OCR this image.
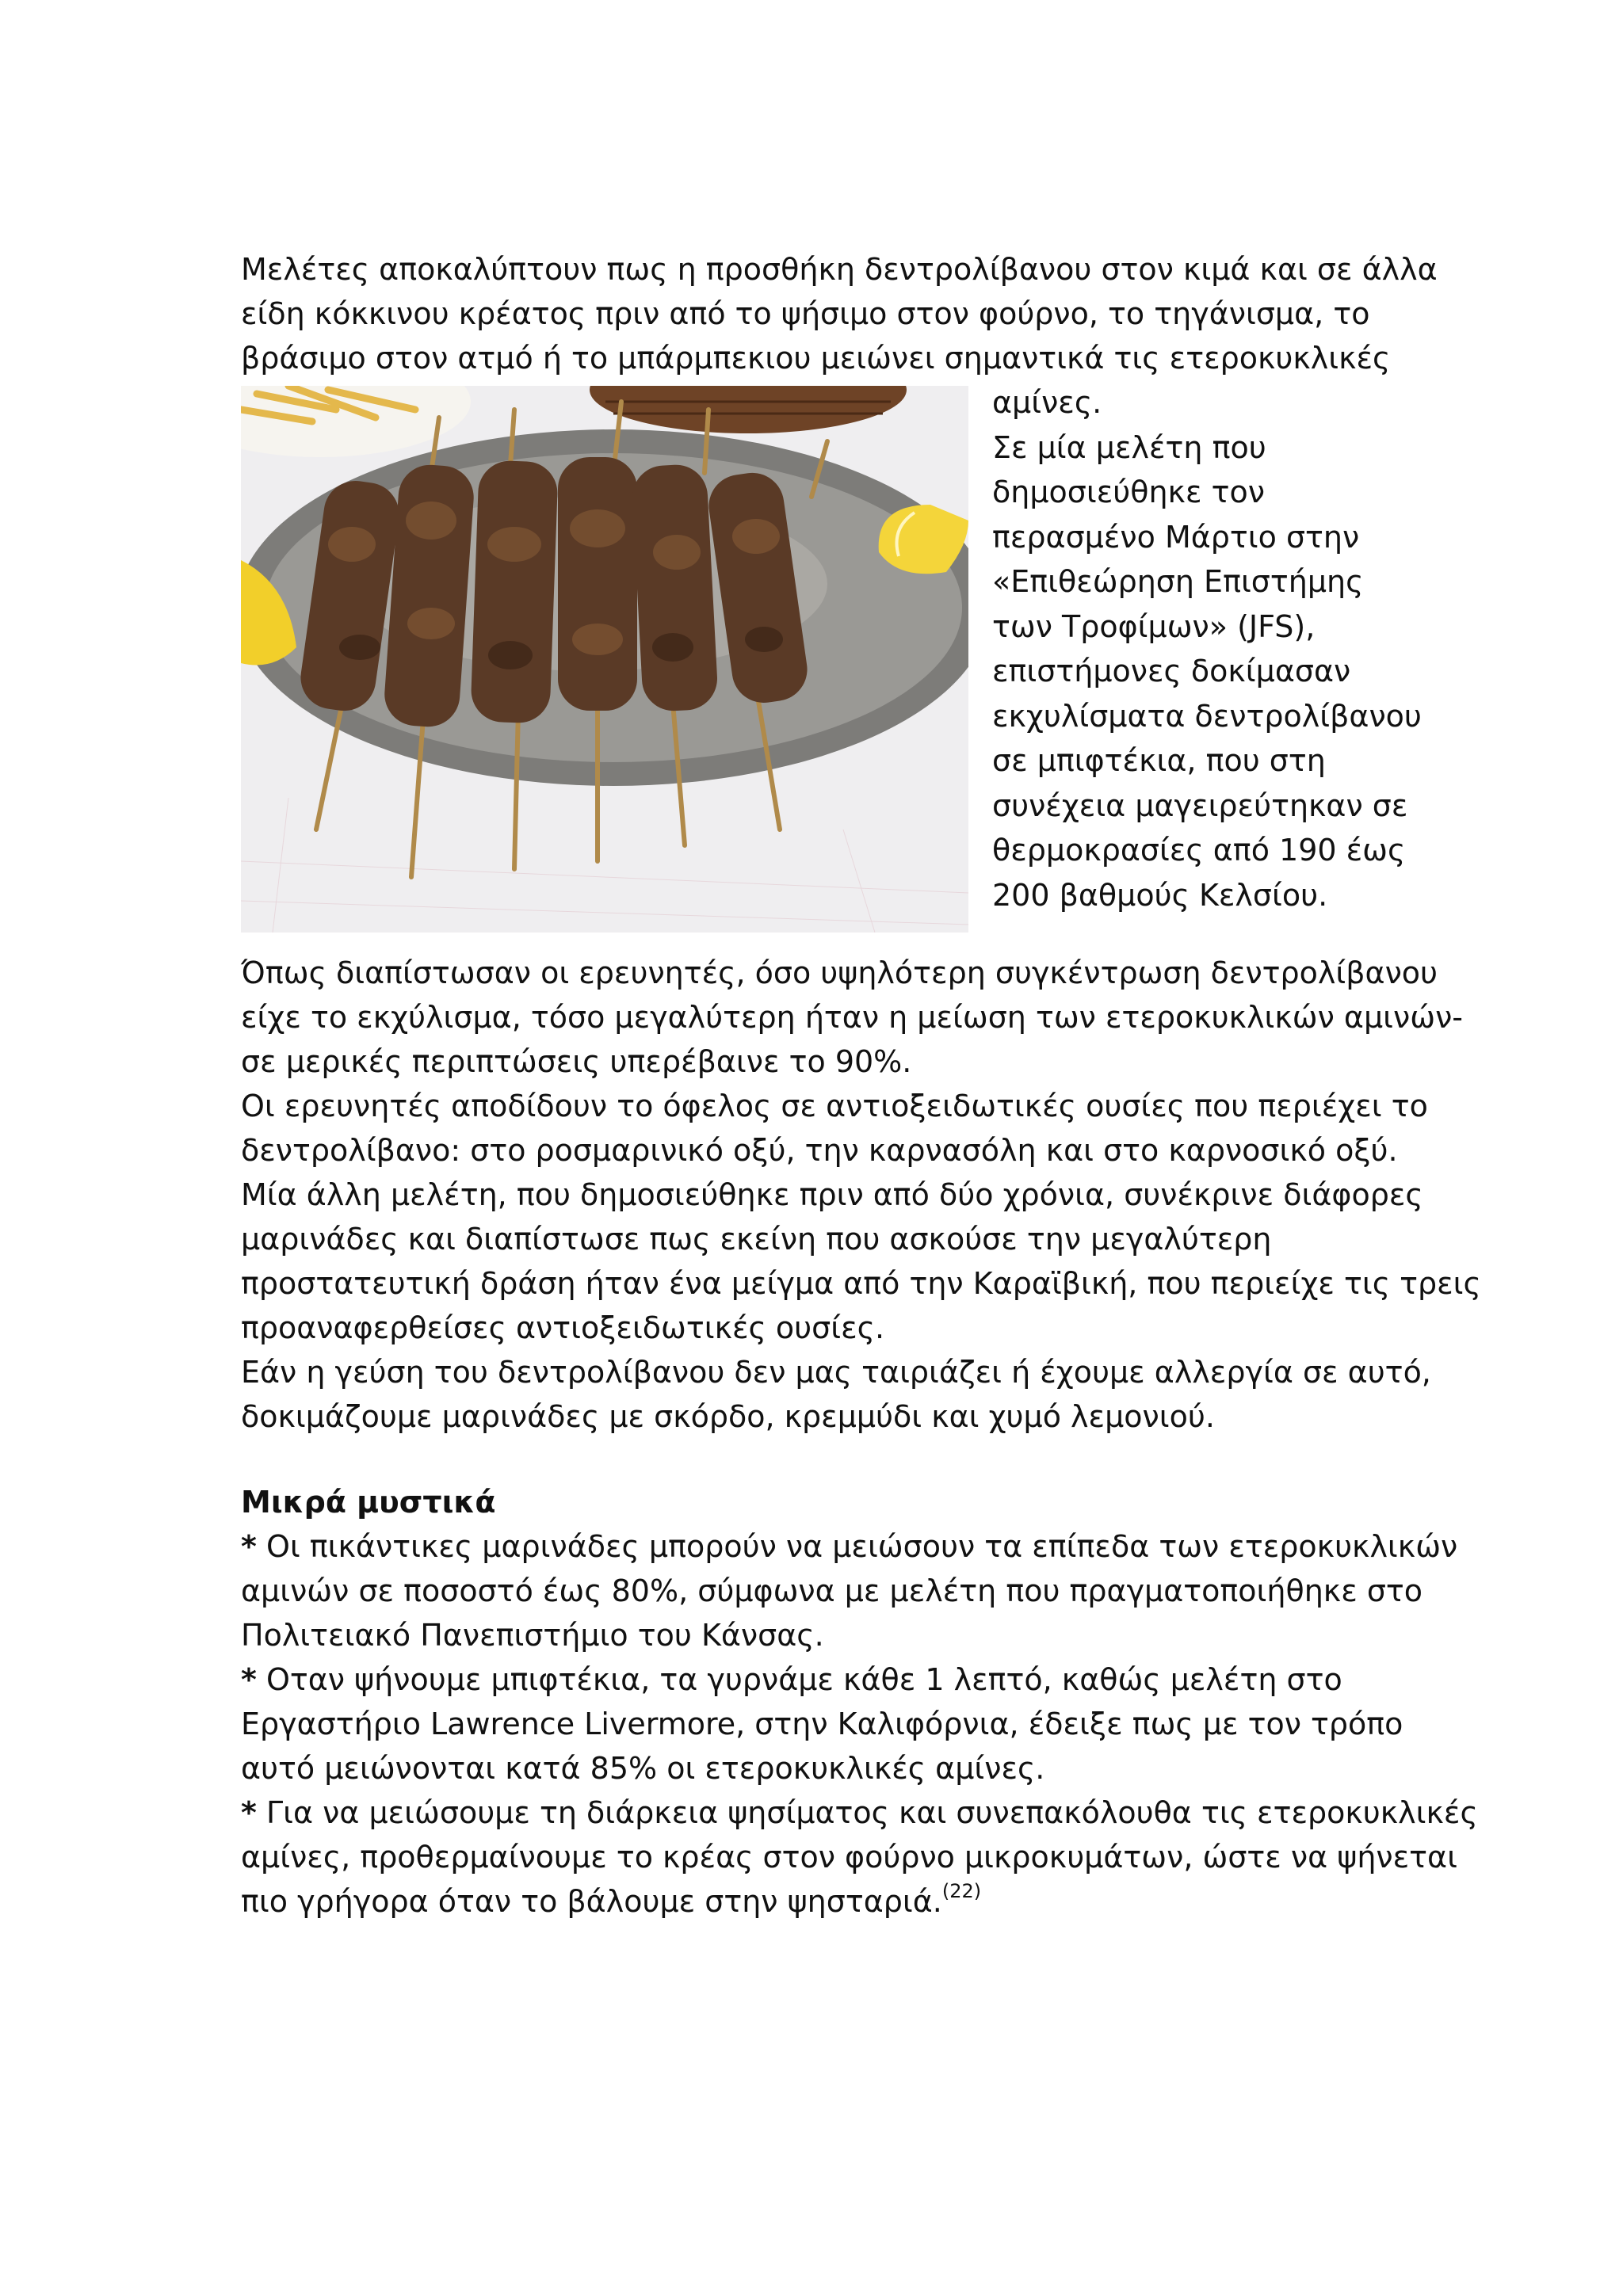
Μελέτες αποκαλύπτουν πως η προσθήκη δεντρολίβανου στον κιμά και σε άλλα
είδη κόκκινου κρέατος πριν από το ψήσιμο στον φούρνο, το τηγάνισμα, το
βράσιμο στον ατμό ή το μπάρμπεκιου μειώνει σημαντικά τις ετεροκυκλικές
αμίνες.
Σε μία μελέτη που
δημοσιεύθηκε τον
περασμένο Μάρτιο στην
«Επιθεώρηση Επιστήμης
των Τροφίμων» (JFS),
επιστήμονες δοκίμασαν
εκχυλίσματα δεντρολίβανου
σε μπιφτέκια, που στη
συνέχεια μαγειρεύτηκαν σε
θερμοκρασίες από 190 έως
200 βαθμούς Κελσίου.
Όπως διαπίστωσαν οι ερευνητές, όσο υψηλότερη συγκέντρωση δεντρολίβανου
είχε το εκχύλισμα, τόσο μεγαλύτερη ήταν η μείωση των ετεροκυκλικών αμινών-
σε μερικές περιπτώσεις υπερέβαινε το 90%.
Οι ερευνητές αποδίδουν το όφελος σε αντιοξειδωτικές ουσίες που περιέχει το
δεντρολίβανο: στο ροσμαρινικό οξύ, την καρνασόλη και στο καρνοσικό οξύ.
Μία άλλη μελέτη, που δημοσιεύθηκε πριν από δύο χρόνια, συνέκρινε διάφορες
μαρινάδες και διαπίστωσε πως εκείνη που ασκούσε την μεγαλύτερη
προστατευτική δράση ήταν ένα μείγμα από την Καραϊβική, που περιείχε τις τρεις
προαναφερθείσες αντιοξειδωτικές ουσίες.
Εάν η γεύση του δεντρολίβανου δεν μας ταιριάζει ή έχουμε αλλεργία σε αυτό,
δοκιμάζουμε μαρινάδες με σκόρδο, κρεμμύδι και χυμό λεμονιού.
Μικρά μυστικά
* Οι πικάντικες μαρινάδες μπορούν να μειώσουν τα επίπεδα των ετεροκυκλικών
αμινών σε ποσοστό έως 80%, σύμφωνα με μελέτη που πραγματοποιήθηκε στο
Πολιτειακό Πανεπιστήμιο του Κάνσας.
* Οταν ψήνουμε μπιφτέκια, τα γυρνάμε κάθε 1 λεπτό, καθώς μελέτη στο
Εργαστήριο Lawrence Livermore, στην Καλιφόρνια, έδειξε πως με τον τρόπο
αυτό μειώνονται κατά 85% οι ετεροκυκλικές αμίνες.
* Για να μειώσουμε τη διάρκεια ψησίματος και συνεπακόλουθα τις ετεροκυκλικές
αμίνες, προθερμαίνουμε το κρέας στον φούρνο μικροκυμάτων, ώστε να ψήνεται
πιο γρήγορα όταν το βάλουμε στην ψησταριά.$^{(22)}$
